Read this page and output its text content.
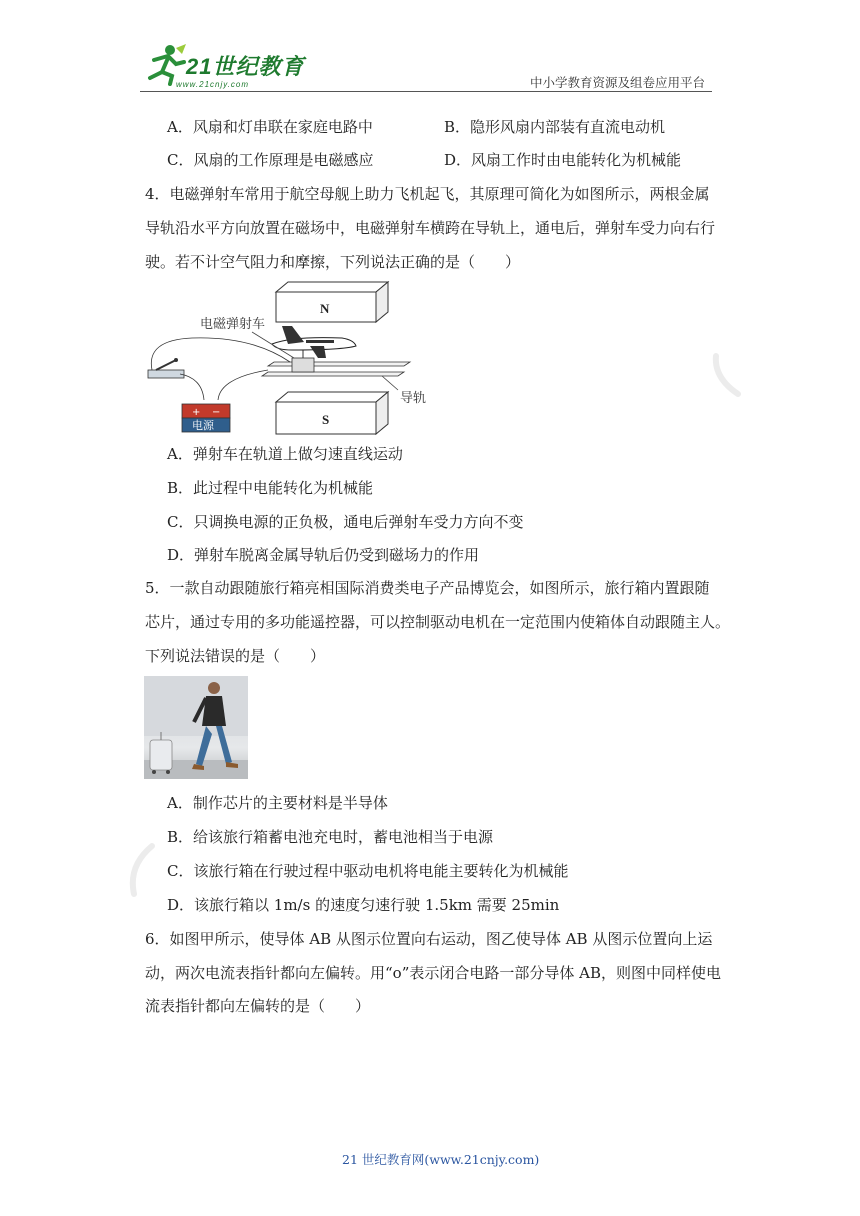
21世纪教育
www.21cnjy.com	中小学教育资源及组卷应用平台
A．风扇和灯串联在家庭电路中	B．隐形风扇内部装有直流电动机
C．风扇的工作原理是电磁感应	D．风扇工作时由电能转化为机械能
4．电磁弹射车常用于航空母舰上助力飞机起飞，其原理可简化为如图所示，两根金属
导轨沿水平方向放置在磁场中，电磁弹射车横跨在导轨上，通电后，弹射车受力向右行
驶。若不计空气阻力和摩擦，下列说法正确的是（　　）
N
S
电磁弹射车
导轨
+ −
电源
A．弹射车在轨道上做匀速直线运动
B．此过程中电能转化为机械能
C．只调换电源的正负极，通电后弹射车受力方向不变
D．弹射车脱离金属导轨后仍受到磁场力的作用
5．一款自动跟随旅行箱亮相国际消费类电子产品博览会，如图所示，旅行箱内置跟随
芯片，通过专用的多功能遥控器，可以控制驱动电机在一定范围内使箱体自动跟随主人。
下列说法错误的是（　　）
A．制作芯片的主要材料是半导体
B．给该旅行箱蓄电池充电时，蓄电池相当于电源
C．该旅行箱在行驶过程中驱动电机将电能主要转化为机械能
D．该旅行箱以 1m/s 的速度匀速行驶 1.5km 需要 25min
6．如图甲所示，使导体 AB 从图示位置向右运动，图乙使导体 AB 从图示位置向上运
动，两次电流表指针都向左偏转。用“o”表示闭合电路一部分导体 AB，则图中同样使电
流表指针都向左偏转的是（　　）
21 世纪教育网(www.21cnjy.com)
